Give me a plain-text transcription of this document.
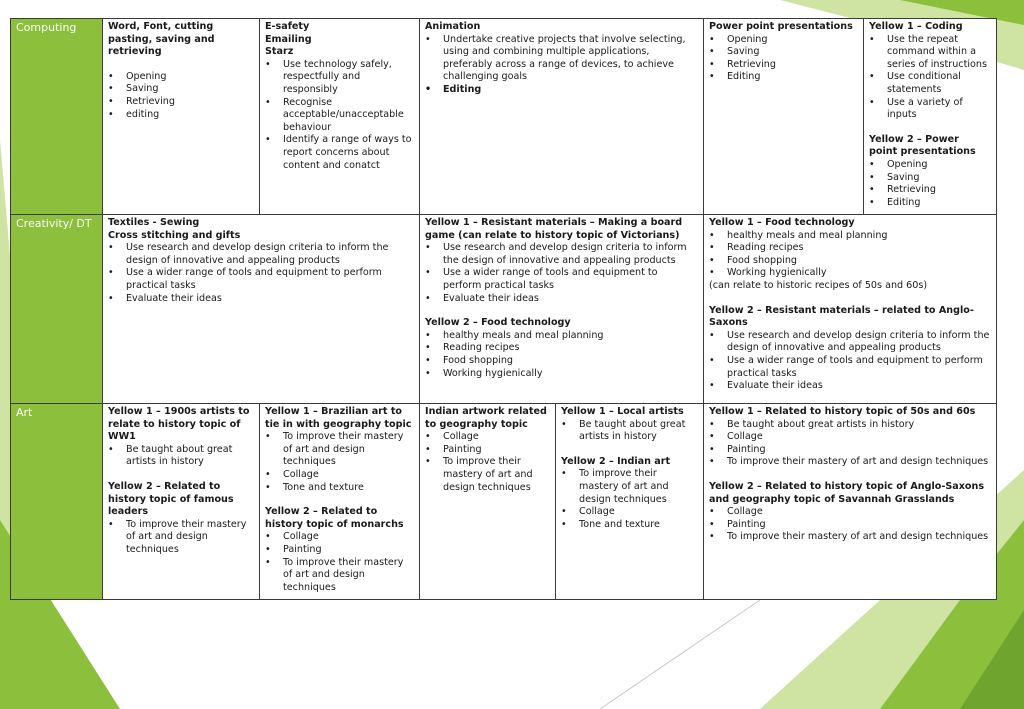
Computing
Creativity/ DT
Art
Word, Font, cutting pasting, saving and retrieving
• Opening
• Saving
• Retrieving
• editing
E-safety
Emailing
Starz
• Use technology safely, respectfully and responsibly
• Recognise acceptable/unacceptable behaviour
• Identify a range of ways to report concerns about content and conatct
Animation
• Undertake creative projects that involve selecting, using and combining multiple applications, preferably across a range of devices, to achieve challenging goals
• Editing
Power point presentations
• Opening
• Saving
• Retrieving
• Editing
Yellow 1 – Coding
• Use the repeat command within a series of instructions
• Use conditional statements
• Use a variety of inputs
Yellow 2 – Power point presentations
• Opening
• Saving
• Retrieving
• Editing
Textiles - Sewing
Cross stitching and gifts
• Use research and develop design criteria to inform the design of innovative and appealing products
• Use a wider range of tools and equipment to perform practical tasks
• Evaluate their ideas
Yellow 1 – Resistant materials – Making a board game (can relate to history topic of Victorians)
• Use research and develop design criteria to inform the design of innovative and appealing products
• Use a wider range of tools and equipment to perform practical tasks
• Evaluate their ideas
Yellow 2 – Food technology
• healthy meals and meal planning
• Reading recipes
• Food shopping
• Working hygienically
Yellow 1 – Food technology
• healthy meals and meal planning
• Reading recipes
• Food shopping
• Working hygienically
(can relate to historic recipes of 50s and 60s)
Yellow 2 – Resistant materials – related to Anglo-Saxons
• Use research and develop design criteria to inform the design of innovative and appealing products
• Use a wider range of tools and equipment to perform practical tasks
• Evaluate their ideas
Yellow 1 – 1900s artists to relate to history topic of WW1
• Be taught about great artists in history
Yellow 2 – Related to history topic of famous leaders
• To improve their mastery of art and design techniques
Yellow 1 – Brazilian art to tie in with geography topic
• To improve their mastery of art and design techniques
• Collage
• Tone and texture
Yellow 2 – Related to history topic of monarchs
• Collage
• Painting
• To improve their mastery of art and design techniques
Indian artwork related to geography topic
• Collage
• Painting
• To improve their mastery of art and design techniques
Yellow 1 – Local artists
• Be taught about great artists in history
Yellow 2 – Indian art
• To improve their mastery of art and design techniques
• Collage
• Tone and texture
Yellow 1 – Related to history topic of 50s and 60s
• Be taught about great artists in history
• Collage
• Painting
• To improve their mastery of art and design techniques
Yellow 2 – Related to history topic of Anglo-Saxons and geography topic of Savannah Grasslands
• Collage
• Painting
• To improve their mastery of art and design techniques
